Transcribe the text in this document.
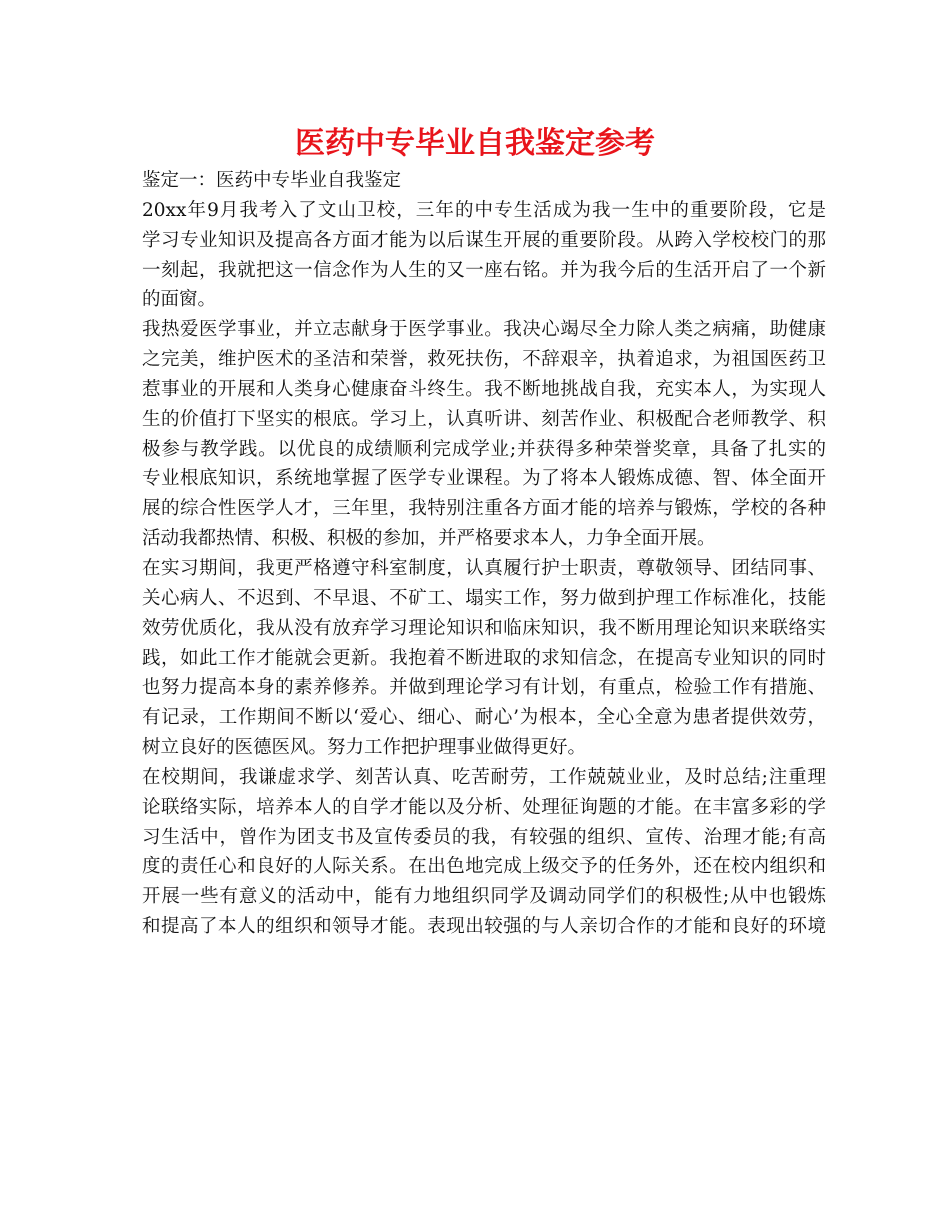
医药中专毕业自我鉴定参考
鉴定一：医药中专毕业自我鉴定
20xx年9月我考入了文山卫校，三年的中专生活成为我一生中的重要阶段，它是
学习专业知识及提高各方面才能为以后谋生开展的重要阶段。从跨入学校校门的那
一刻起，我就把这一信念作为人生的又一座右铭。并为我今后的生活开启了一个新
的面窗。
我热爱医学事业，并立志献身于医学事业。我决心竭尽全力除人类之病痛，助健康
之完美，维护医术的圣洁和荣誉，救死扶伤，不辞艰辛，执着追求，为祖国医药卫
惹事业的开展和人类身心健康奋斗终生。我不断地挑战自我，充实本人，为实现人
生的价值打下坚实的根底。学习上，认真听讲、刻苦作业、积极配合老师教学、积
极参与教学践。以优良的成绩顺利完成学业;并获得多种荣誉奖章，具备了扎实的
专业根底知识，系统地掌握了医学专业课程。为了将本人锻炼成德、智、体全面开
展的综合性医学人才，三年里，我特别注重各方面才能的培养与锻炼，学校的各种
活动我都热情、积极、积极的参加，并严格要求本人，力争全面开展。
在实习期间，我更严格遵守科室制度，认真履行护士职责，尊敬领导、团结同事、
关心病人、不迟到、不早退、不矿工、塌实工作，努力做到护理工作标准化，技能
效劳优质化，我从没有放弃学习理论知识和临床知识，我不断用理论知识来联络实
践，如此工作才能就会更新。我抱着不断进取的求知信念，在提高专业知识的同时
也努力提高本身的素养修养。并做到理论学习有计划，有重点，检验工作有措施、
有记录，工作期间不断以‘爱心、细心、耐心’为根本，全心全意为患者提供效劳，
树立良好的医德医风。努力工作把护理事业做得更好。
在校期间，我谦虚求学、刻苦认真、吃苦耐劳，工作兢兢业业，及时总结;注重理
论联络实际，培养本人的自学才能以及分析、处理征询题的才能。在丰富多彩的学
习生活中，曾作为团支书及宣传委员的我，有较强的组织、宣传、治理才能;有高
度的责任心和良好的人际关系。在出色地完成上级交予的任务外，还在校内组织和
开展一些有意义的活动中，能有力地组织同学及调动同学们的积极性;从中也锻炼
和提高了本人的组织和领导才能。表现出较强的与人亲切合作的才能和良好的环境
